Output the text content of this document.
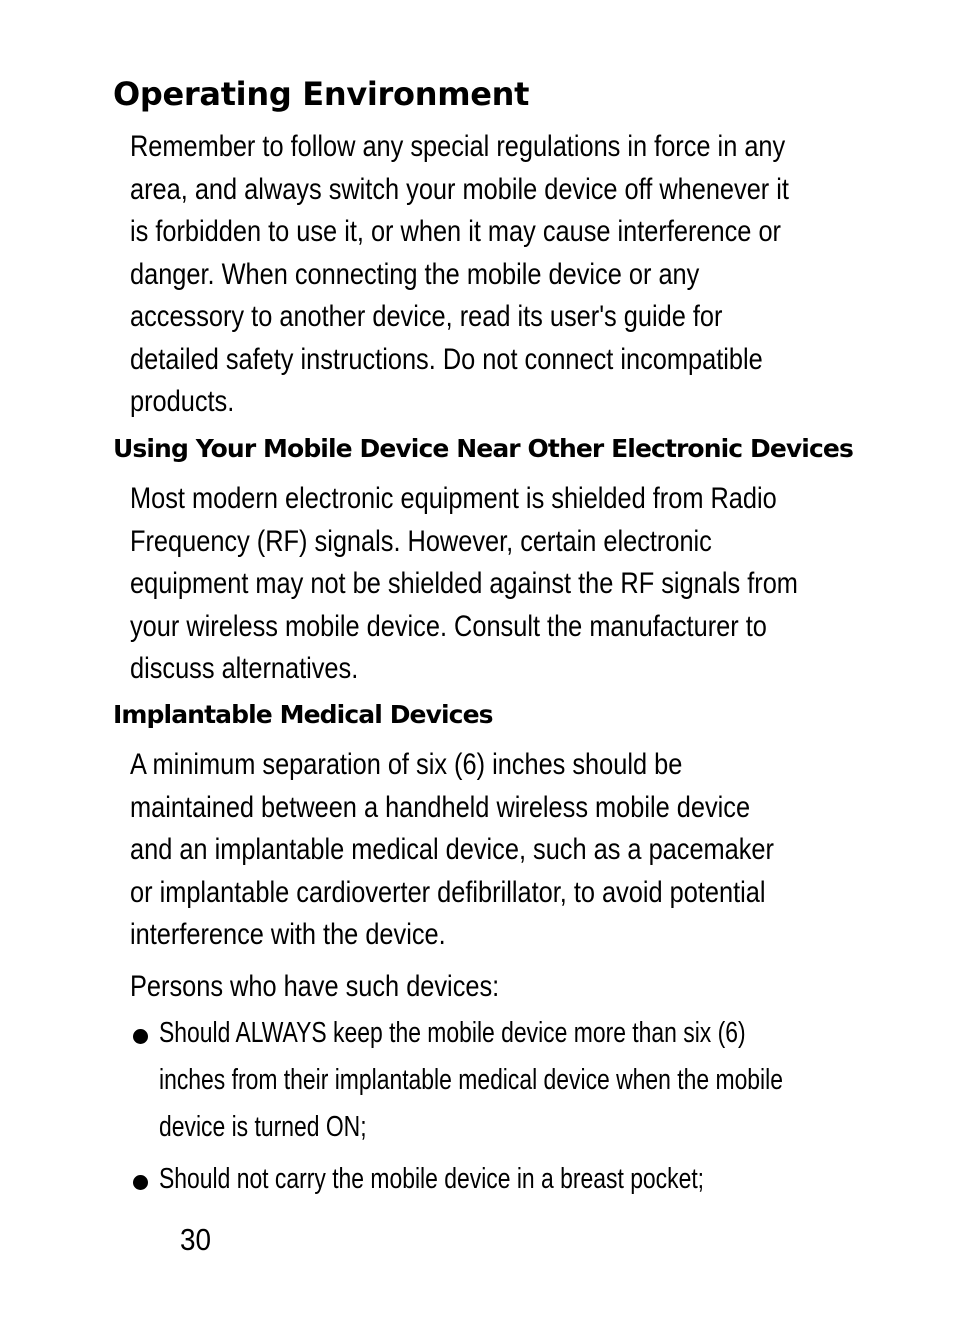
Operating Environment

Remember to follow any special regulations in force in any
area, and always switch your mobile device off whenever it
is forbidden to use it, or when it may cause interference or
danger. When connecting the mobile device or any
accessory to another device, read its user's guide for
detailed safety instructions. Do not connect incompatible
products.

Using Your Mobile Device Near Other Electronic Devices

Most modern electronic equipment is shielded from Radio
Frequency (RF) signals. However, certain electronic
equipment may not be shielded against the RF signals from
your wireless mobile device. Consult the manufacturer to
discuss alternatives.

Implantable Medical Devices

A minimum separation of six (6) inches should be
maintained between a handheld wireless mobile device
and an implantable medical device, such as a pacemaker
or implantable cardioverter defibrillator, to avoid potential
interference with the device.

Persons who have such devices:

Should ALWAYS keep the mobile device more than six (6)
inches from their implantable medical device when the mobile
device is turned ON;
Should not carry the mobile device in a breast pocket;
30
